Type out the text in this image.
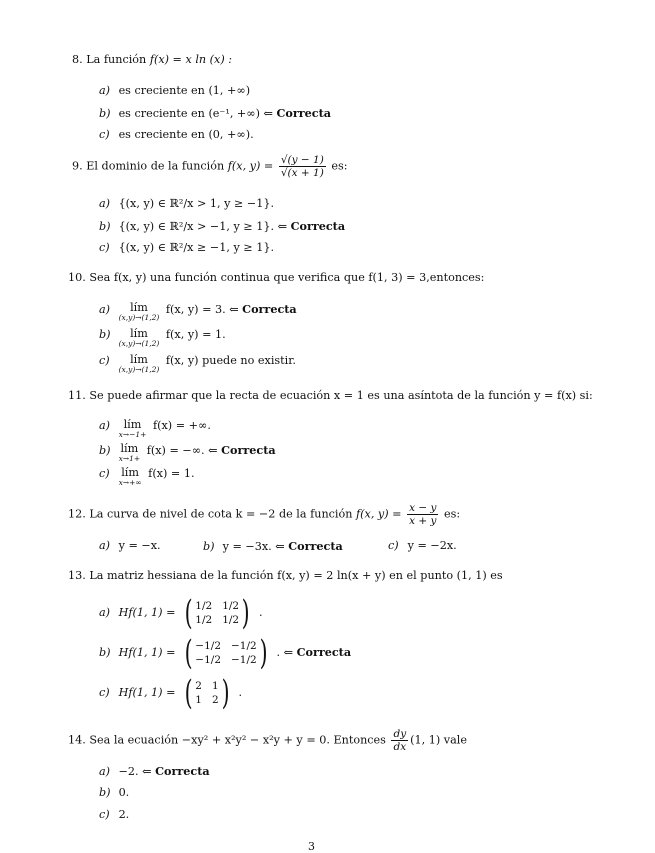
8. La función f(x) = x ln (x) :
a) es creciente en (1, +∞)
b) es creciente en (e⁻¹, +∞) ⇐ Correcta
c) es creciente en (0, +∞).
9. El dominio de la función f(x, $y) = \frac{√(y - 1)}{√(x + 1)}$ es:
a) {(x, y) ∈ ℝ²/x > 1, y ≥ −1}.
b) {(x, y) ∈ ℝ²/x > −1, y ≥ 1}. ⇐ Correcta
c) {(x, y) ∈ ℝ²/x ≥ −1, y ≥ 1}.
10. Sea f(x, y) una función continua que verifica que f(1, 3) = 3,entonces:
a) lím
(x,y)→(1,2)
f(x, y) = 3. ⇐ Correcta
b) lím
(x,y)→(1,2)
f(x, y) = 1.
c) lím
(x,y)→(1,2)
f(x, y) puede no existir.
11. Se puede afirmar que la recta de ecuación x = 1 es una asíntota de la función y = f(x) si:
a) lím
x→−1+
f(x) = +∞.
b) lím
x→1+
f(x) = −∞. ⇐ Correcta
c) lím
x→+∞
f(x) = 1.
12. La curva de nivel de cota k = −2 de la función f(x, $y) = \frac{x - y}{x + y}$ es:
a) y = −x.	b) y = −3x. ⇐ Correcta	c) y = −2x.
13. La matriz hessiana de la función f(x, y) = 2 ln(x + y) en el punto (1, 1) es
a) Hf(1, 1) = ( 1/2 1/2
1/2 1/2 ) .
b) Hf(1, 1) = ( −1/2 −1/2
−1/2 −1/2 ) . ⇐ Correcta
c) Hf(1, 1) = ( 2 1
1 2 ) .
14. Sea la ecuación −xy² + x²y² − x²y + y = 0. Entonces $\frac{dy}{dx} (1$, 1) vale
a) −2. ⇐ Correcta
b) 0.
c) 2.
3
